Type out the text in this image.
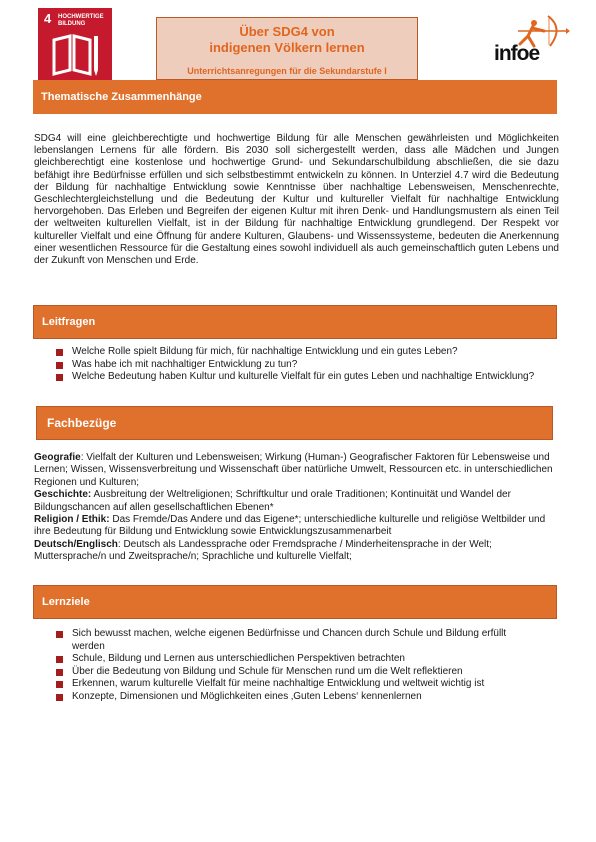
4 HOCHWERTIGE
BILDUNG	Über SDG4 von
indigenen Völkern lernen
Unterrichtsanregungen für die Sekundarstufe I
infoe
Thematische Zusammenhänge
SDG4 will eine gleichberechtigte und hochwertige Bildung für alle Menschen gewährleisten und Möglichkeiten lebenslangen Lernens für alle fördern. Bis 2030 soll sichergestellt werden, dass alle Mädchen und Jungen gleichberechtigt eine kostenlose und hochwertige Grund- und Sekundarschulbildung abschließen, die sie dazu befähigt ihre Bedürfnisse erfüllen und sich selbstbestimmt entwickeln zu können. In Unterziel 4.7 wird die Bedeutung der Bildung für nachhaltige Entwicklung sowie Kenntnisse über nachhaltige Lebensweisen, Menschenrechte, Geschlechtergleichstellung und die Bedeutung der Kultur und kultureller Vielfalt für nachhaltige Entwicklung hervorgehoben. Das Erleben und Begreifen der eigenen Kultur mit ihren Denk- und Handlungsmustern als einen Teil der weltweiten kulturellen Vielfalt, ist in der Bildung für nachhaltige Entwicklung grundlegend. Der Respekt vor kultureller Vielfalt und eine Öffnung für andere Kulturen, Glaubens- und Wissenssysteme, bedeuten die Anerkennung einer wesentlichen Ressource für die Gestaltung eines sowohl individuell als auch gemeinschaftlich guten Lebens und der Zukunft von Menschen und Erde.
Leitfragen
Welche Rolle spielt Bildung für mich, für nachhaltige Entwicklung und ein gutes Leben?
Was habe ich mit nachhaltiger Entwicklung zu tun?
Welche Bedeutung haben Kultur und kulturelle Vielfalt für ein gutes Leben und nachhaltige Entwicklung?
Fachbezüge

Geografie: Vielfalt der Kulturen und Lebensweisen; Wirkung (Human-) Geografischer Faktoren für Lebensweise und Lernen; Wissen, Wissensverbreitung und Wissenschaft über natürliche Umwelt, Ressourcen etc. in unterschiedlichen Regionen und Kulturen;

Geschichte: Ausbreitung der Weltreligionen; Schriftkultur und orale Traditionen; Kontinuität und Wandel der Bildungschancen auf allen gesellschaftlichen Ebenen*

Religion / Ethik: Das Fremde/Das Andere und das Eigene*; unterschiedliche kulturelle und religiöse Weltbilder und ihre Bedeutung für Bildung und Entwicklung sowie Entwicklungszusammenarbeit

Deutsch/Englisch: Deutsch als Landessprache oder Fremdsprache / Minderheitensprache in der Welt; Muttersprache/n und Zweitsprache/n; Sprachliche und kulturelle Vielfalt;

Lernziele
Sich bewusst machen, welche eigenen Bedürfnisse und Chancen durch Schule und Bildung erfüllt werden
Schule, Bildung und Lernen aus unterschiedlichen Perspektiven betrachten
Über die Bedeutung von Bildung und Schule für Menschen rund um die Welt reflektieren
Erkennen, warum kulturelle Vielfalt für meine nachhaltige Entwicklung und weltweit wichtig ist
Konzepte, Dimensionen und Möglichkeiten eines ‚Guten Lebens‘ kennenlernen
